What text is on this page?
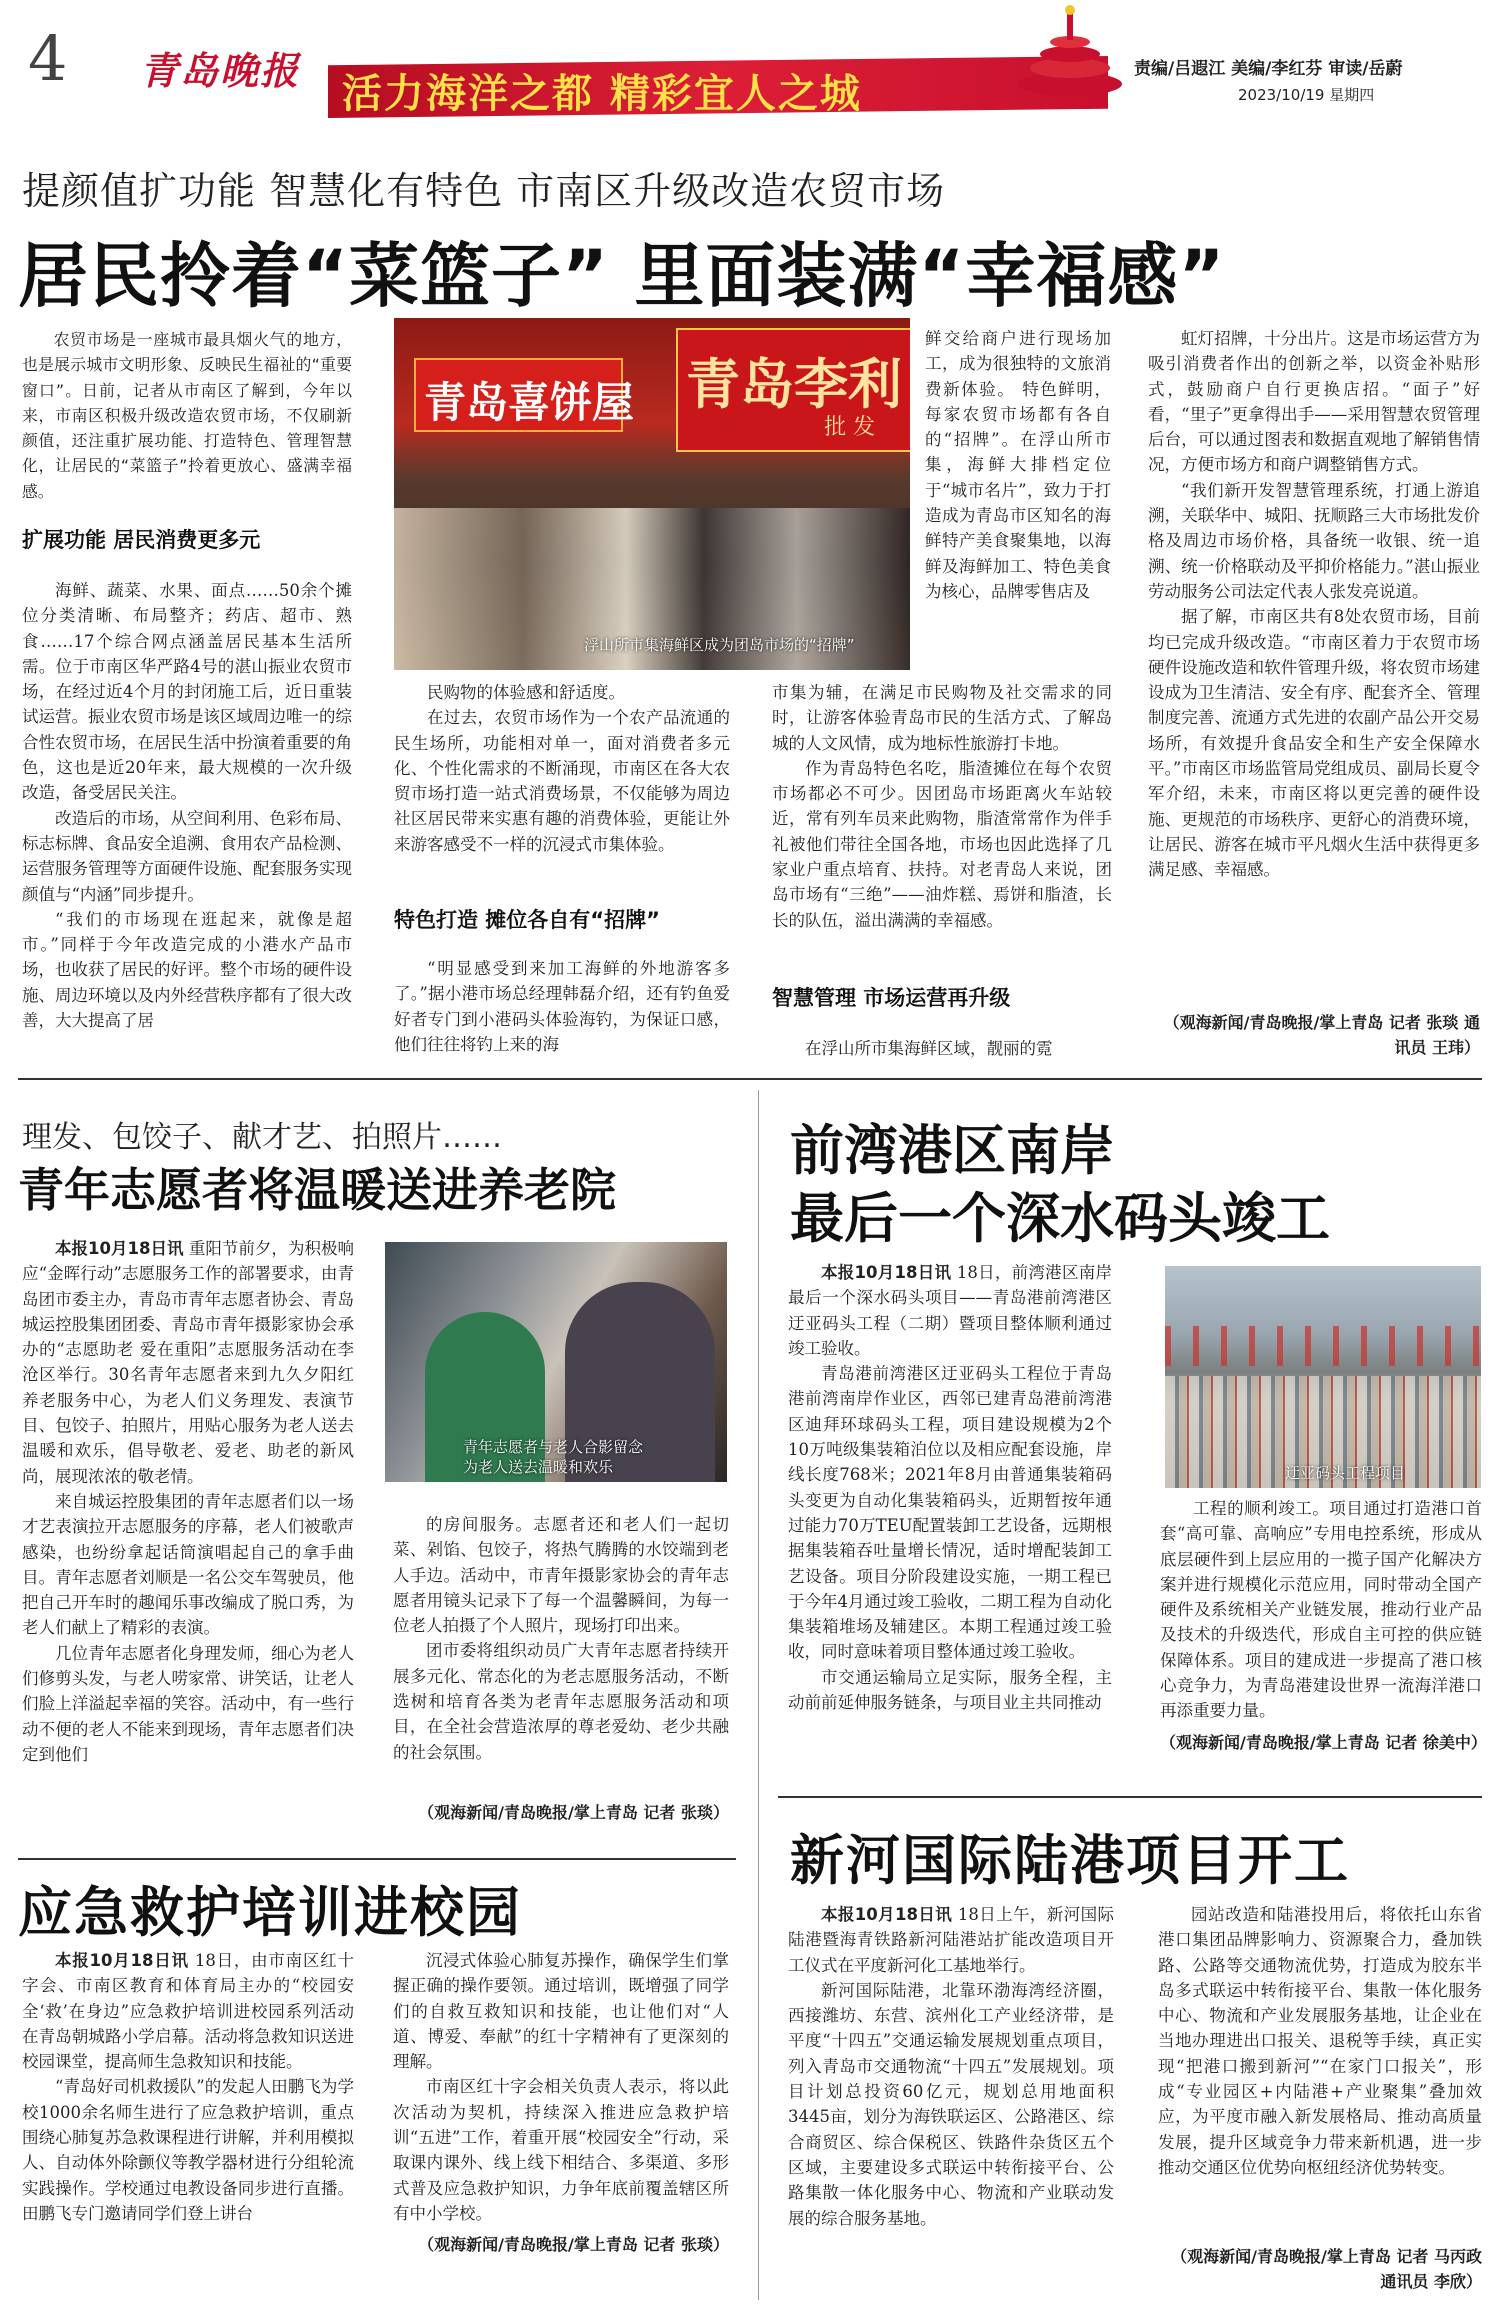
4 青岛晚报
活力海洋之都 精彩宜人之城
责编/吕遐江 美编/李红芬 审读/岳蔚
2023/10/19 星期四
提颜值扩功能 智慧化有特色 市南区升级改造农贸市场
居民拎着“菜篮子” 里面装满“幸福感”

农贸市场是一座城市最具烟火气的地方，也是展示城市文明形象、反映民生福祉的“重要窗口”。日前，记者从市南区了解到，今年以来，市南区积极升级改造农贸市场，不仅刷新颜值，还注重扩展功能、打造特色、管理智慧化，让居民的“菜篮子”拎着更放心、盛满幸福感。

扩展功能 居民消费更多元

海鲜、蔬菜、水果、面点……50余个摊位分类清晰、布局整齐；药店、超市、熟食……17个综合网点涵盖居民基本生活所需。位于市南区华严路4号的湛山振业农贸市场，在经过近4个月的封闭施工后，近日重装试运营。振业农贸市场是该区域周边唯一的综合性农贸市场，在居民生活中扮演着重要的角色，这也是近20年来，最大规模的一次升级改造，备受居民关注。

改造后的市场，从空间利用、色彩布局、标志标牌、食品安全追溯、食用农产品检测、运营服务管理等方面硬件设施、配套服务实现颜值与“内涵”同步提升。

“我们的市场现在逛起来，就像是超市。”同样于今年改造完成的小港水产品市场，也收获了居民的好评。整个市场的硬件设施、周边环境以及内外经营秩序都有了很大改善，大大提高了居

青岛喜饼屋 青岛李利
批 发
浮山所市集海鲜区成为团岛市场的“招牌”

民购物的体验感和舒适度。

在过去，农贸市场作为一个农产品流通的民生场所，功能相对单一，面对消费者多元化、个性化需求的不断涌现，市南区在各大农贸市场打造一站式消费场景，不仅能够为周边社区居民带来实惠有趣的消费体验，更能让外来游客感受不一样的沉浸式市集体验。

特色打造 摊位各自有“招牌”

“明显感受到来加工海鲜的外地游客多了。”据小港市场总经理韩磊介绍，还有钓鱼爱好者专门到小港码头体验海钓，为保证口感，他们往往将钓上来的海

鲜交给商户进行现场加工，成为很独特的文旅消费新体验。 特色鲜明，每家农贸市场都有各自的“招牌”。在浮山所市集，海鲜大排档定位于“城市名片”，致力于打造成为青岛市区知名的海鲜特产美食聚集地，以海鲜及海鲜加工、特色美食为核心，品牌零售店及

市集为辅，在满足市民购物及社交需求的同时，让游客体验青岛市民的生活方式、了解岛城的人文风情，成为地标性旅游打卡地。

作为青岛特色名吃，脂渣摊位在每个农贸市场都必不可少。因团岛市场距离火车站较近，常有列车员来此购物，脂渣常常作为伴手礼被他们带往全国各地，市场也因此选择了几家业户重点培育、扶持。对老青岛人来说，团岛市场有“三绝”——油炸糕、焉饼和脂渣，长长的队伍，溢出满满的幸福感。

智慧管理 市场运营再升级

在浮山所市集海鲜区域，靓丽的霓

虹灯招牌，十分出片。这是市场运营方为吸引消费者作出的创新之举，以资金补贴形式，鼓励商户自行更换店招。“面子”好看，“里子”更拿得出手——采用智慧农贸管理后台，可以通过图表和数据直观地了解销售情况，方便市场方和商户调整销售方式。

“我们新开发智慧管理系统，打通上游追溯，关联华中、城阳、抚顺路三大市场批发价格及周边市场价格，具备统一收银、统一追溯、统一价格联动及平抑价格能力。”湛山振业劳动服务公司法定代表人张发亮说道。

据了解，市南区共有8处农贸市场，目前均已完成升级改造。“市南区着力于农贸市场硬件设施改造和软件管理升级，将农贸市场建设成为卫生清洁、安全有序、配套齐全、管理制度完善、流通方式先进的农副产品公开交易场所，有效提升食品安全和生产安全保障水平。”市南区市场监管局党组成员、副局长夏令军介绍，未来，市南区将以更完善的硬件设施、更规范的市场秩序、更舒心的消费环境，让居民、游客在城市平凡烟火生活中获得更多满足感、幸福感。

（观海新闻/青岛晚报/掌上青岛 记者 张琰 通讯员 王玮）
理发、包饺子、献才艺、拍照片……
青年志愿者将温暖送进养老院

本报10月18日讯 重阳节前夕，为积极响应“金晖行动”志愿服务工作的部署要求，由青岛团市委主办，青岛市青年志愿者协会、青岛城运控股集团团委、青岛市青年摄影家协会承办的“志愿助老 爱在重阳”志愿服务活动在李沧区举行。30名青年志愿者来到九久夕阳红养老服务中心，为老人们义务理发、表演节目、包饺子、拍照片，用贴心服务为老人送去温暖和欢乐，倡导敬老、爱老、助老的新风尚，展现浓浓的敬老情。

来自城运控股集团的青年志愿者们以一场才艺表演拉开志愿服务的序幕，老人们被歌声感染，也纷纷拿起话筒演唱起自己的拿手曲目。青年志愿者刘顺是一名公交车驾驶员，他把自己开车时的趣闻乐事改编成了脱口秀，为老人们献上了精彩的表演。

几位青年志愿者化身理发师，细心为老人们修剪头发，与老人唠家常、讲笑话，让老人们脸上洋溢起幸福的笑容。活动中，有一些行动不便的老人不能来到现场，青年志愿者们决定到他们

青年志愿者与老人合影留念
为老人送去温暖和欢乐

的房间服务。志愿者还和老人们一起切菜、剁馅、包饺子，将热气腾腾的水饺端到老人手边。活动中，市青年摄影家协会的青年志愿者用镜头记录下了每一个温馨瞬间，为每一位老人拍摄了个人照片，现场打印出来。

团市委将组织动员广大青年志愿者持续开展多元化、常态化的为老志愿服务活动，不断选树和培育各类为老青年志愿服务活动和项目，在全社会营造浓厚的尊老爱幼、老少共融的社会氛围。

（观海新闻/青岛晚报/掌上青岛 记者 张琰）
应急救护培训进校园

本报10月18日讯 18日，由市南区红十字会、市南区教育和体育局主办的“校园安全‘救’在身边”应急救护培训进校园系列活动在青岛朝城路小学启幕。活动将急救知识送进校园课堂，提高师生急救知识和技能。

“青岛好司机救援队”的发起人田鹏飞为学校1000余名师生进行了应急救护培训，重点围绕心肺复苏急救课程进行讲解，并利用模拟人、自动体外除颤仪等教学器材进行分组轮流实践操作。学校通过电教设备同步进行直播。田鹏飞专门邀请同学们登上讲台

沉浸式体验心肺复苏操作，确保学生们掌握正确的操作要领。通过培训，既增强了同学们的自救互救知识和技能，也让他们对“人道、博爱、奉献”的红十字精神有了更深刻的理解。

市南区红十字会相关负责人表示，将以此次活动为契机，持续深入推进应急救护培训“五进”工作，着重开展“校园安全”行动，采取课内课外、线上线下相结合、多渠道、多形式普及应急救护知识，力争年底前覆盖辖区所有中小学校。

（观海新闻/青岛晚报/掌上青岛 记者 张琰）
前湾港区南岸
最后一个深水码头竣工

本报10月18日讯 18日，前湾港区南岸最后一个深水码头项目——青岛港前湾港区迂亚码头工程（二期）暨项目整体顺利通过竣工验收。

青岛港前湾港区迂亚码头工程位于青岛港前湾南岸作业区，西邻已建青岛港前湾港区迪拜环球码头工程，项目建设规模为2个10万吨级集装箱泊位以及相应配套设施，岸线长度768米；2021年8月由普通集装箱码头变更为自动化集装箱码头，近期暂按年通过能力70万TEU配置装卸工艺设备，远期根据集装箱吞吐量增长情况，适时增配装卸工艺设备。项目分阶段建设实施，一期工程已于今年4月通过竣工验收，二期工程为自动化集装箱堆场及辅建区。本期工程通过竣工验收，同时意味着项目整体通过竣工验收。

市交通运输局立足实际，服务全程，主动前前延伸服务链条，与项目业主共同推动

迂亚码头工程项目

工程的顺利竣工。项目通过打造港口首套“高可靠、高响应”专用电控系统，形成从底层硬件到上层应用的一揽子国产化解决方案并进行规模化示范应用，同时带动全国产硬件及系统相关产业链发展，推动行业产品及技术的升级迭代，形成自主可控的供应链保障体系。项目的建成进一步提高了港口核心竞争力，为青岛港建设世界一流海洋港口再添重要力量。

（观海新闻/青岛晚报/掌上青岛 记者 徐美中）
新河国际陆港项目开工

本报10月18日讯 18日上午，新河国际陆港暨海青铁路新河陆港站扩能改造项目开工仪式在平度新河化工基地举行。

新河国际陆港，北靠环渤海湾经济圈，西接潍坊、东营、滨州化工产业经济带，是平度“十四五”交通运输发展规划重点项目，列入青岛市交通物流“十四五”发展规划。项目计划总投资60亿元，规划总用地面积3445亩，划分为海铁联运区、公路港区、综合商贸区、综合保税区、铁路件杂货区五个区域，主要建设多式联运中转衔接平台、公路集散一体化服务中心、物流和产业联动发展的综合服务基地。

园站改造和陆港投用后，将依托山东省港口集团品牌影响力、资源聚合力，叠加铁路、公路等交通物流优势，打造成为胶东半岛多式联运中转衔接平台、集散一体化服务中心、物流和产业发展服务基地，让企业在当地办理进出口报关、退税等手续，真正实现“把港口搬到新河”“在家门口报关”，形成“专业园区+内陆港+产业聚集”叠加效应，为平度市融入新发展格局、推动高质量发展，提升区域竞争力带来新机遇，进一步推动交通区位优势向枢纽经济优势转变。

（观海新闻/青岛晚报/掌上青岛 记者 马丙政 通讯员 李欣）
